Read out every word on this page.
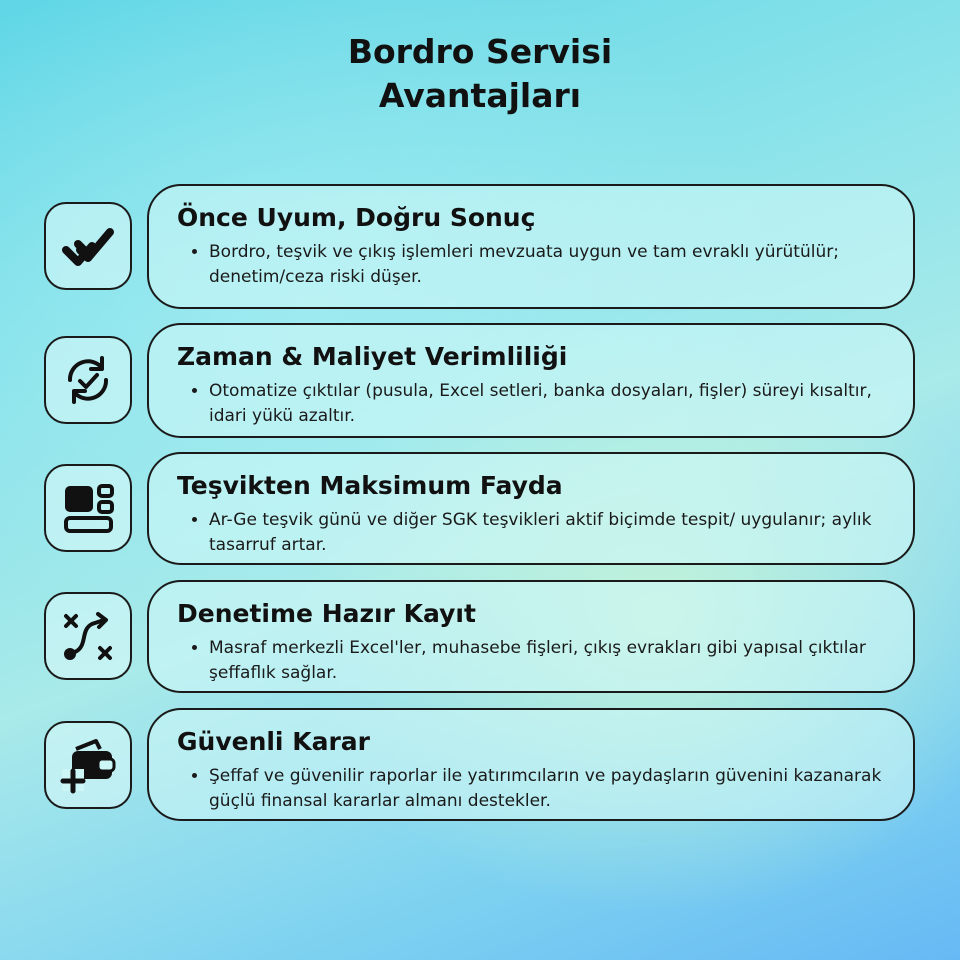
Bordro Servisi
Avantajları
Önce Uyum, Doğru Sonuç
• Bordro, teşvik ve çıkış işlemleri mevzuata uygun ve tam evraklı yürütülür; denetim/ceza riski düşer.
Zaman & Maliyet Verimliliği
• Otomatize çıktılar (pusula, Excel setleri, banka dosyaları, fişler) süreyi kısaltır, idari yükü azaltır.
Teşvikten Maksimum Fayda
• Ar-Ge teşvik günü ve diğer SGK teşvikleri aktif biçimde tespit/ uygulanır; aylık tasarruf artar.
Denetime Hazır Kayıt
• Masraf merkezli Excel'ler, muhasebe fişleri, çıkış evrakları gibi yapısal çıktılar şeffaflık sağlar.
Güvenli Karar
• Şeffaf ve güvenilir raporlar ile yatırımcıların ve paydaşların güvenini kazanarak güçlü finansal kararlar almanı destekler.
